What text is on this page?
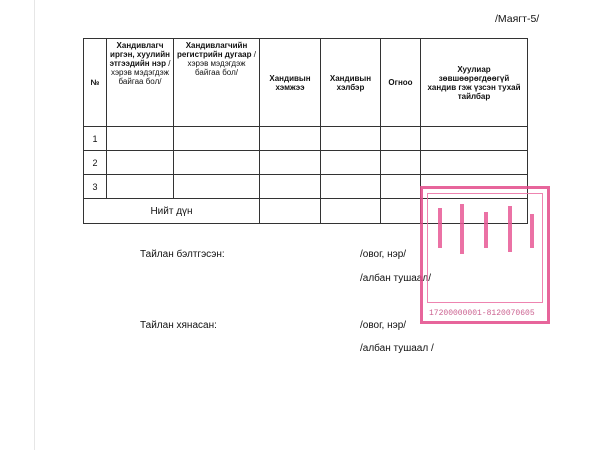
/Маягт-5/
№	Хандивлагч иргэн, хуулийн этгээдийн нэр /хэрэв мэдэгдэж байгаа бол/	Хандивлагчийн регистрийн дугаар /хэрэв мэдэгдэж байгаа бол/	Хандивын хэмжээ	Хандивын хэлбэр	Огноо	Хуулиар зөвшөөрөгдөөгүй хандив гэж үзсэн тухай тайлбар
1						
2						
3						
Нийт дүн						
Тайлан бэлтгэсэн:	/овог, нэр/
/албан тушаал/
Тайлан хянасан:	/овог, нэр/
/албан тушаал /
17200000001-8120070605
